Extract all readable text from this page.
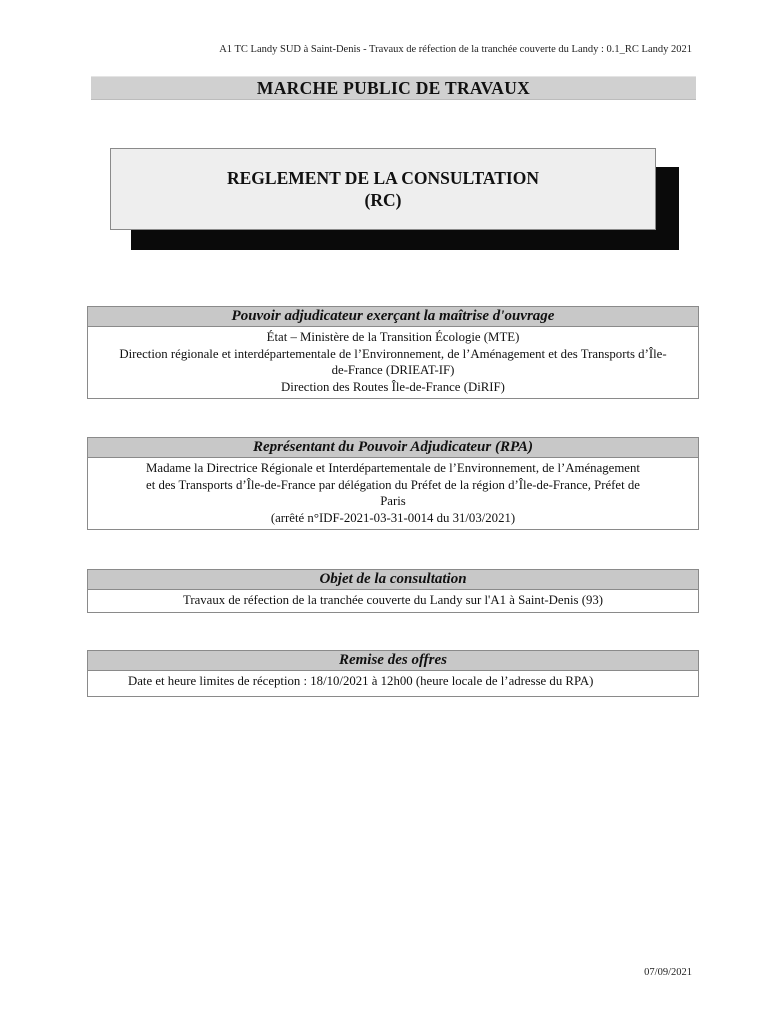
A1 TC Landy SUD à Saint-Denis - Travaux de réfection de la tranchée couverte du Landy : 0.1_RC Landy 2021
MARCHE PUBLIC DE TRAVAUX
REGLEMENT DE LA CONSULTATION
(RC)
Pouvoir adjudicateur exerçant la maîtrise d'ouvrage
État – Ministère de la Transition Écologie (MTE)
Direction régionale et interdépartementale de l’Environnement, de l’Aménagement et des Transports d’Île-de-France (DRIEAT-IF)
Direction des Routes Île-de-France (DiRIF)
Représentant du Pouvoir Adjudicateur (RPA)
Madame la Directrice Régionale et Interdépartementale de l’Environnement, de l’Aménagement et des Transports d’Île-de-France par délégation du Préfet de la région d’Île-de-France, Préfet de Paris
(arrêté n°IDF-2021-03-31-0014 du 31/03/2021)
Objet de la consultation
Travaux de réfection de la tranchée couverte du Landy sur l'A1 à Saint-Denis (93)
Remise des offres
Date et heure limites de réception : 18/10/2021 à 12h00 (heure locale de l’adresse du RPA)
07/09/2021
